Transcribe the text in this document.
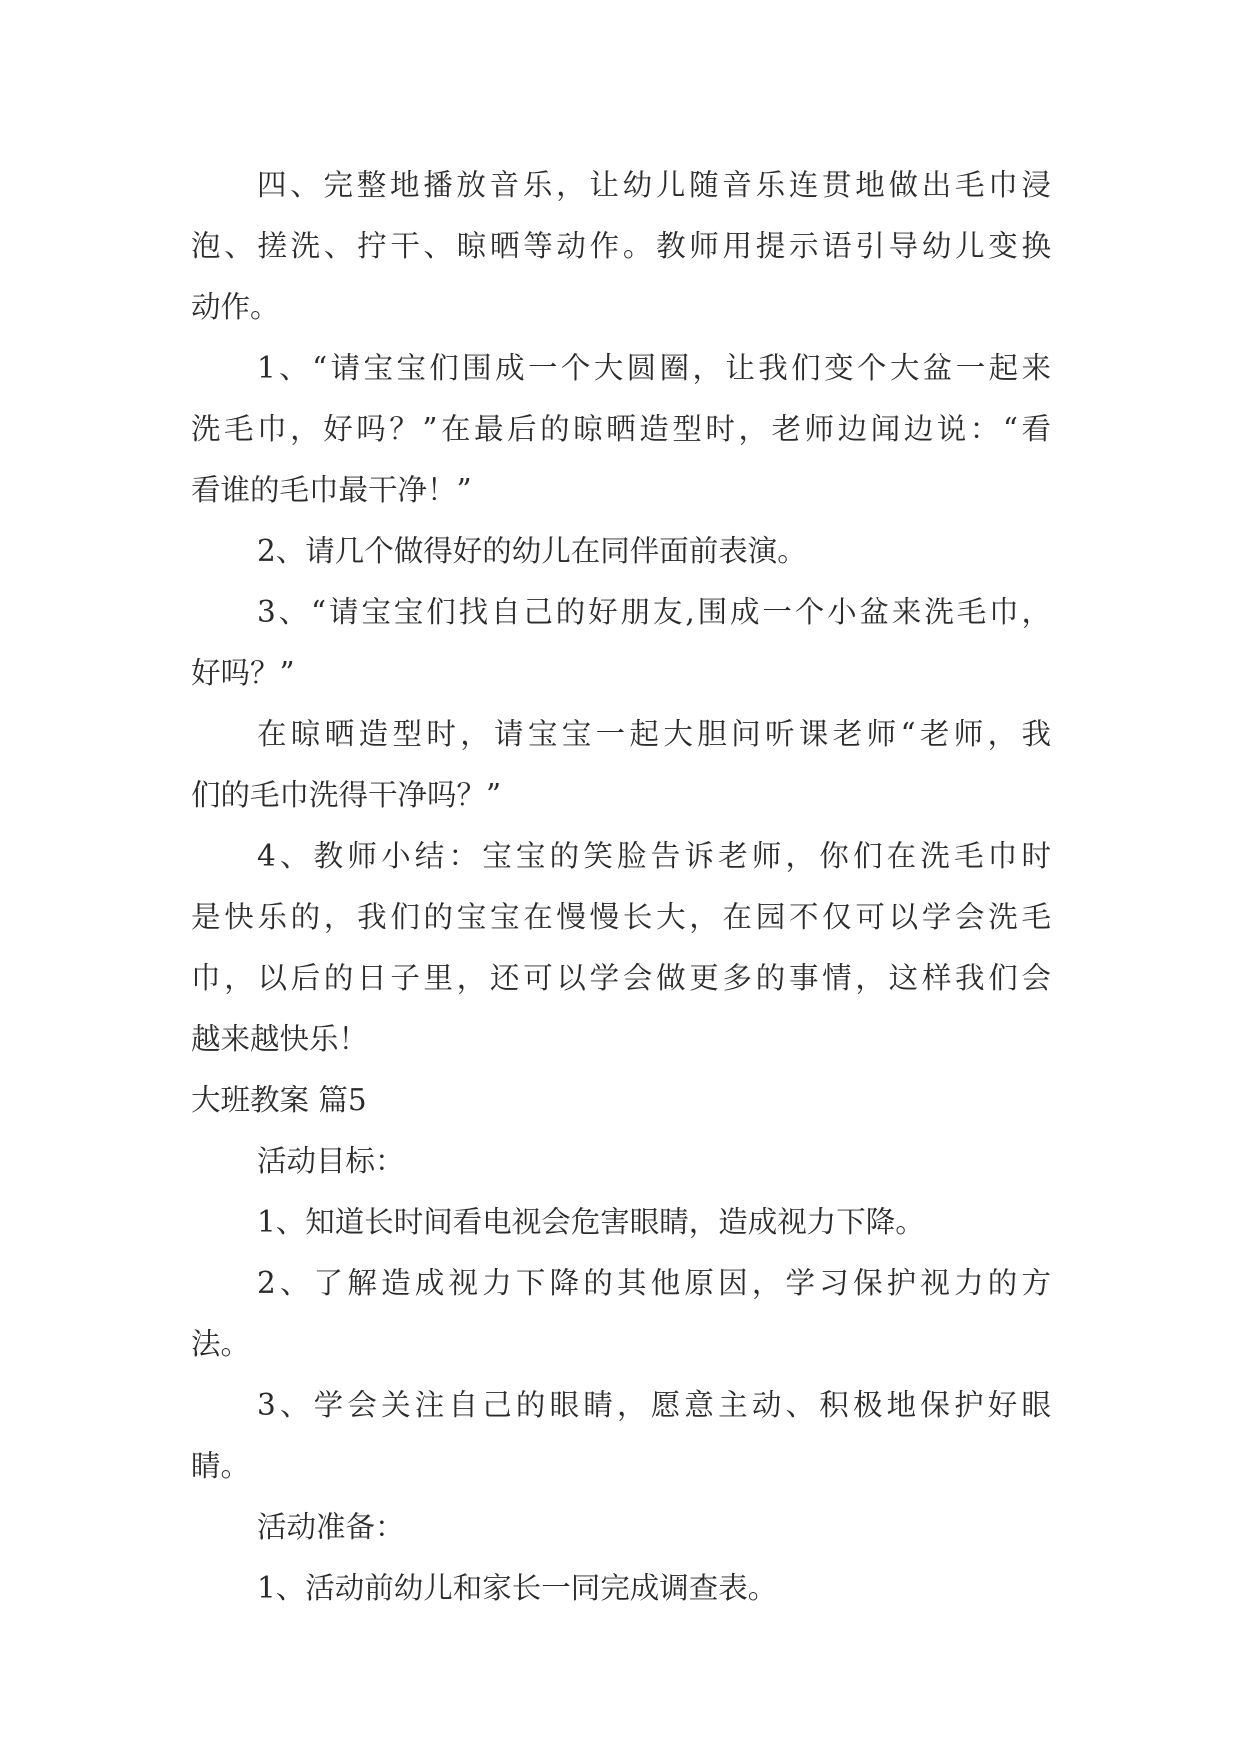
四、完整地播放音乐，让幼儿随音乐连贯地做出毛巾浸
泡、搓洗、拧干、晾晒等动作。教师用提示语引导幼儿变换
动作。
1、“请宝宝们围成一个大圆圈，让我们变个大盆一起来
洗毛巾，好吗？”在最后的晾晒造型时，老师边闻边说：“看
看谁的毛巾最干净！”
2、请几个做得好的幼儿在同伴面前表演。
3、“请宝宝们找自己的好朋友,围成一个小盆来洗毛巾，
好吗？”
在晾晒造型时，请宝宝一起大胆问听课老师“老师，我
们的毛巾洗得干净吗？”
4、教师小结：宝宝的笑脸告诉老师，你们在洗毛巾时
是快乐的，我们的宝宝在慢慢长大，在园不仅可以学会洗毛
巾，以后的日子里，还可以学会做更多的事情，这样我们会
越来越快乐！
大班教案 篇5
活动目标：
1、知道长时间看电视会危害眼睛，造成视力下降。
2、了解造成视力下降的其他原因，学习保护视力的方
法。
3、学会关注自己的眼睛，愿意主动、积极地保护好眼
睛。
活动准备：
1、活动前幼儿和家长一同完成调查表。
